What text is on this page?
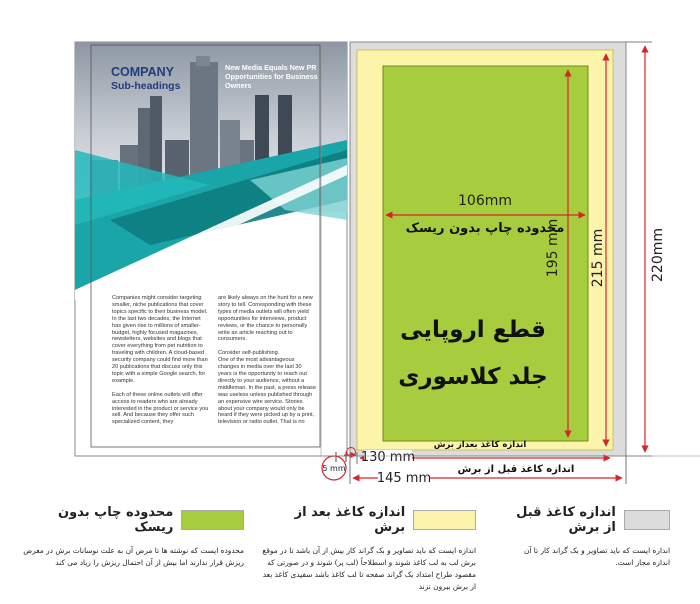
106mm
محدوده چاپ بدون ریسک
195 mm 215 mm	220mm
قطع اروپایی
جلد کلاسوری
اندازه کاغذ بعداز برش
130 mm
145 mm
اندازه کاغذ قبل از برش
5 mm
COMPANY
Sub-headings
New Media Equals New PR Opportunities for Business Owners
Companies might consider targeting smaller, niche publications that cover topics specific to their business model. In the last two decades, the Internet has given rise to millions of smaller-budget, highly focused magazines, newsletters, websites and blogs that cover everything from pet nutrition to traveling with children. A cloud-based security company could find more than 20 publications that discuss only this topic with a simple Google search, for example.

Each of these online outlets will offer access to readers who are already interested in the product or service you sell. And because they offer such specialized content, they
are likely always on the hunt for a new story to tell. Corresponding with these types of media outlets will often yield opportunities for interviews, product reviews, or the chance to personally write an article reaching out to consumers.

Consider self-publishing.
One of the most advantageous changes in media over the last 30 years is the opportunity to reach out directly to your audience, without a middleman. In the past, a press release was useless unless published through an expensive wire service. Stories about your company would only be heard if they were picked up by a print, television or radio outlet. That is no
اندازه کاغذ قبل از برش
اندازه ایست که باید تصاویر و بک گراند کار تا آن اندازه مجاز است.
اندازه کاغذ بعد از برش
اندازه ایست که باید تصاویر و بک گراند کار بیش از آن باشد تا در موقع برش لب به لب کاغذ شوند و اسطلاحاً (لب پر) شوند و در صورتی که مقصود طراح امتداد بک گراند صفحه تا لب کاغذ باشد سفیدی کاغذ بعد از برش بیرون نزند
محدوده چاپ بدون ریسک
محدوده ایست که نوشته ها تا مرض آن به علت نوسانات برش در معرض ریزش قرار ندارند اما بیش از آن احتمال ریزش را زیاد می کند
